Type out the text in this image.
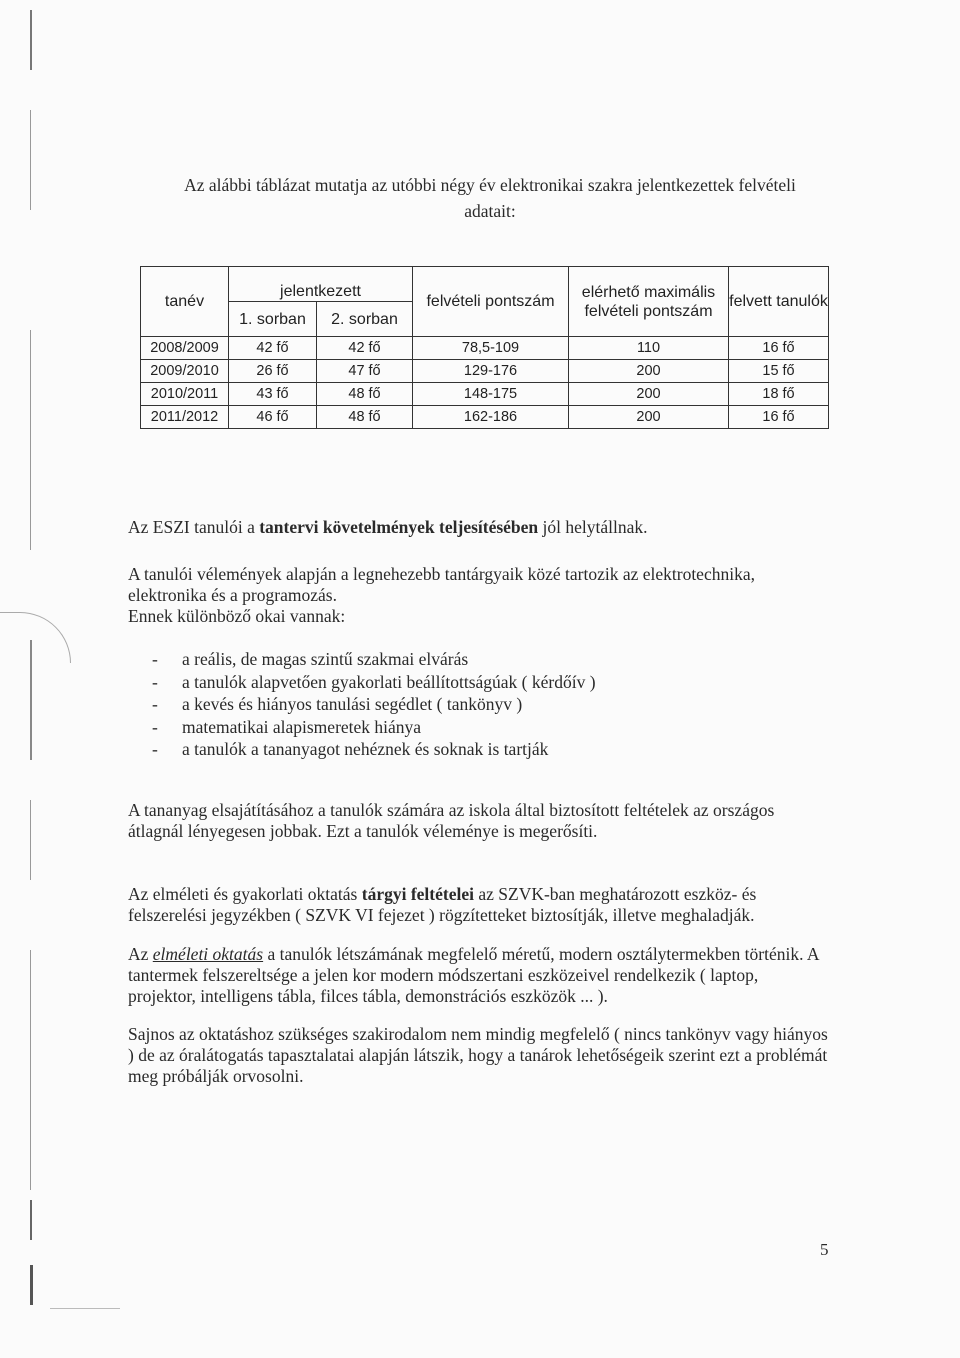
Az alábbi táblázat mutatja az utóbbi négy év elektronikai szakra jelentkezettek felvételi adatait:
tanév	jelentkezett		felvételi pontszám	elérhető maximális felvételi pontszám	felvett tanulók
	1. sorban	2. sorban			
2008/2009	42 fő	42 fő	78,5-109	110	16 fő
2009/2010	26 fő	47 fő	129-176	200	15 fő
2010/2011	43 fő	48 fő	148-175	200	18 fő
2011/2012	46 fő	48 fő	162-186	200	16 fő
Az ESZI tanulói a tantervi követelmények teljesítésében jól helytállnak.
A tanulói vélemények alapján a legnehezebb tantárgyaik közé tartozik az elektrotechnika, elektronika és a programozás.
Ennek különböző okai vannak:
- a reális, de magas szintű szakmai elvárás
- a tanulók alapvetően gyakorlati beállítottságúak ( kérdőív )
- a kevés és hiányos tanulási segédlet ( tankönyv )
- matematikai alapismeretek hiánya
- a tanulók a tananyagot nehéznek és soknak is tartják
A tananyag elsajátításához a tanulók számára az iskola által biztosított feltételek az országos átlagnál lényegesen jobbak. Ezt a tanulók véleménye is megerősíti.
Az elméleti és gyakorlati oktatás tárgyi feltételei az SZVK-ban meghatározott eszköz- és felszerelési jegyzékben ( SZVK VI fejezet ) rögzítetteket biztosítják, illetve meghaladják.
Az elméleti oktatás a tanulók létszámának megfelelő méretű, modern osztálytermekben történik. A tantermek felszereltsége a jelen kor modern módszertani eszközeivel rendelkezik ( laptop, projektor, intelligens tábla, filces tábla, demonstrációs eszközök ... ).
Sajnos az oktatáshoz szükséges szakirodalom nem mindig megfelelő ( nincs tankönyv vagy hiányos ) de az óralátogatás tapasztalatai alapján látszik, hogy a tanárok lehetőségeik szerint ezt a problémát meg próbálják orvosolni.
5
